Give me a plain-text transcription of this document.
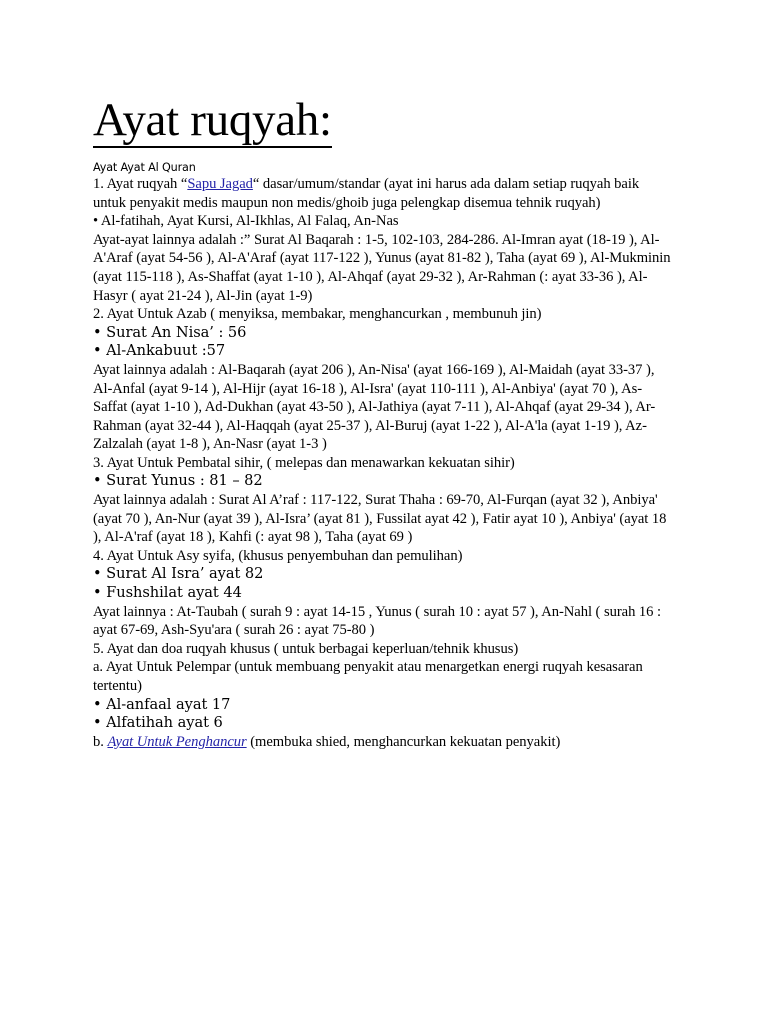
Ayat ruqyah:

Ayat Ayat Al Quran

1. Ayat ruqyah “Sapu Jagad“ dasar/umum/standar (ayat ini harus ada dalam setiap ruqyah baik untuk penyakit medis maupun non medis/ghoib juga pelengkap disemua tehnik ruqyah)

• Al-fatihah, Ayat Kursi, Al-Ikhlas, Al Falaq, An-Nas

Ayat-ayat lainnya adalah :” Surat Al Baqarah : 1-5, 102-103, 284-286. Al-Imran ayat (18-19 ), Al-A'Araf (ayat 54-56 ), Al-A'Araf (ayat 117-122 ), Yunus (ayat 81-82 ), Taha (ayat 69 ), Al-Mukminin (ayat 115-118 ), As-Shaffat (ayat 1-10 ), Al-Ahqaf (ayat 29-32 ), Ar-Rahman (: ayat 33-36 ), Al-Hasyr ( ayat 21-24 ), Al-Jin (ayat 1-9)

2. Ayat Untuk Azab ( menyiksa, membakar, menghancurkan , membunuh jin)

• Surat An Nisa’ : 56

• Al-Ankabuut :57

Ayat lainnya adalah : Al-Baqarah (ayat 206 ), An-Nisa' (ayat 166-169 ), Al-Maidah (ayat 33-37 ), Al-Anfal (ayat 9-14 ), Al-Hijr (ayat 16-18 ), Al-Isra' (ayat 110-111 ), Al-Anbiya' (ayat 70 ), As-Saffat (ayat 1-10 ), Ad-Dukhan (ayat 43-50 ), Al-Jathiya (ayat 7-11 ), Al-Ahqaf (ayat 29-34 ), Ar-Rahman (ayat 32-44 ), Al-Haqqah (ayat 25-37 ), Al-Buruj (ayat 1-22 ), Al-A'la (ayat 1-19 ), Az-Zalzalah (ayat 1-8 ), An-Nasr (ayat 1-3 )

3. Ayat Untuk Pembatal sihir, ( melepas dan menawarkan kekuatan sihir)

• Surat Yunus : 81 – 82

Ayat lainnya adalah : Surat Al A’raf : 117-122, Surat Thaha : 69-70, Al-Furqan (ayat 32 ), Anbiya' (ayat 70 ), An-Nur (ayat 39 ), Al-Isra’ (ayat 81 ), Fussilat ayat 42 ), Fatir ayat 10 ), Anbiya' (ayat 18 ), Al-A'raf (ayat 18 ), Kahfi (: ayat 98 ), Taha (ayat 69 )

4. Ayat Untuk Asy syifa, (khusus penyembuhan dan pemulihan)

• Surat Al Isra’ ayat 82

• Fushshilat ayat 44

Ayat lainnya : At-Taubah ( surah 9 : ayat 14-15 , Yunus ( surah 10 : ayat 57 ), An-Nahl ( surah 16 : ayat 67-69, Ash-Syu'ara ( surah 26 : ayat 75-80 )

5. Ayat dan doa ruqyah khusus ( untuk berbagai keperluan/tehnik khusus)

a. Ayat Untuk Pelempar (untuk membuang penyakit atau menargetkan energi ruqyah kesasaran tertentu)

• Al-anfaal ayat 17

• Alfatihah ayat 6

b. Ayat Untuk Penghancur (membuka shied, menghancurkan kekuatan penyakit)
